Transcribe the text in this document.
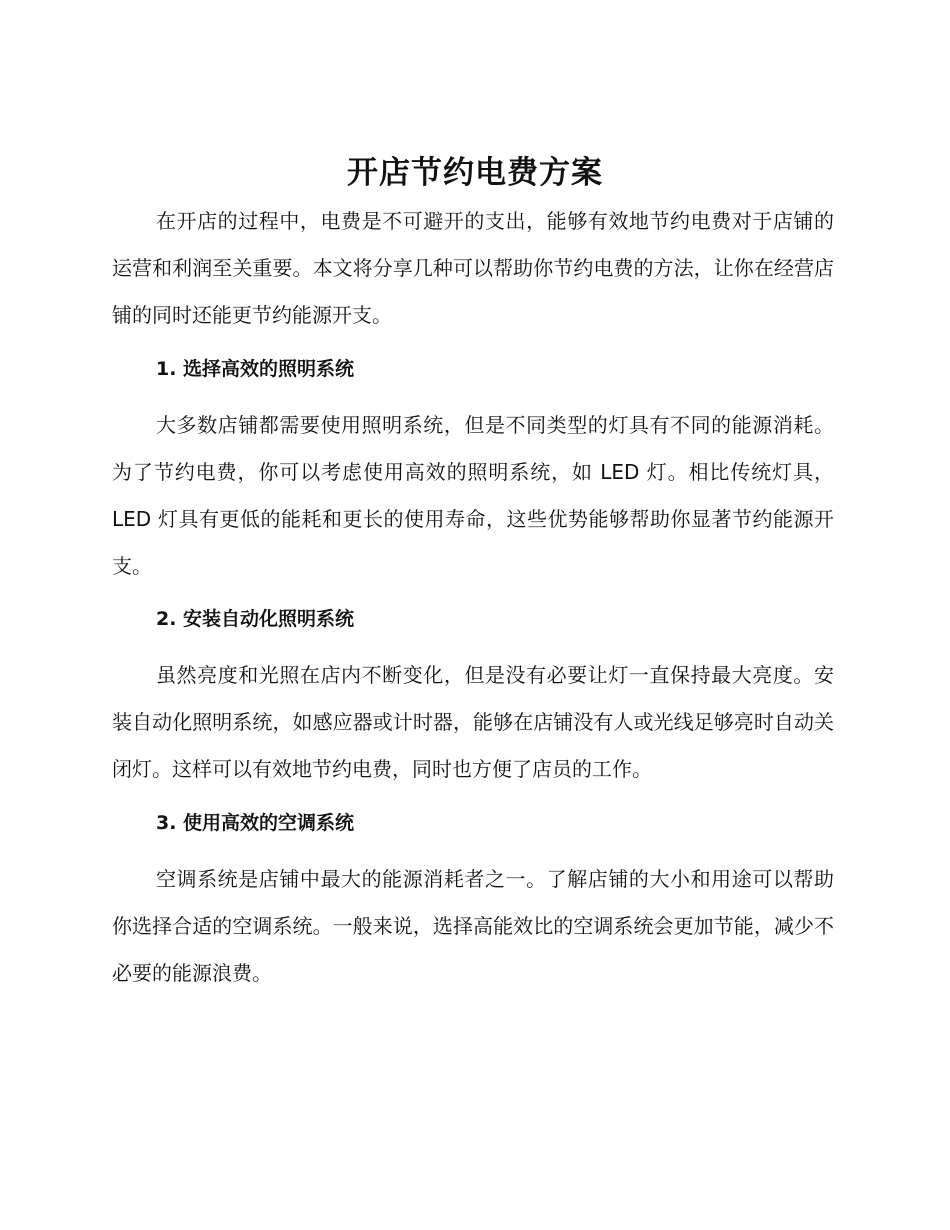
开店节约电费方案

在开店的过程中，电费是不可避开的支出，能够有效地节约电费对于店铺的运营和利润至关重要。本文将分享几种可以帮助你节约电费的方法，让你在经营店铺的同时还能更节约能源开支。

1. 选择高效的照明系统

大多数店铺都需要使用照明系统，但是不同类型的灯具有不同的能源消耗。为了节约电费，你可以考虑使用高效的照明系统，如 LED 灯。相比传统灯具，LED 灯具有更低的能耗和更长的使用寿命，这些优势能够帮助你显著节约能源开支。

2. 安装自动化照明系统

虽然亮度和光照在店内不断变化，但是没有必要让灯一直保持最大亮度。安装自动化照明系统，如感应器或计时器，能够在店铺没有人或光线足够亮时自动关闭灯。这样可以有效地节约电费，同时也方便了店员的工作。

3. 使用高效的空调系统

空调系统是店铺中最大的能源消耗者之一。了解店铺的大小和用途可以帮助你选择合适的空调系统。一般来说，选择高能效比的空调系统会更加节能，减少不必要的能源浪费。
